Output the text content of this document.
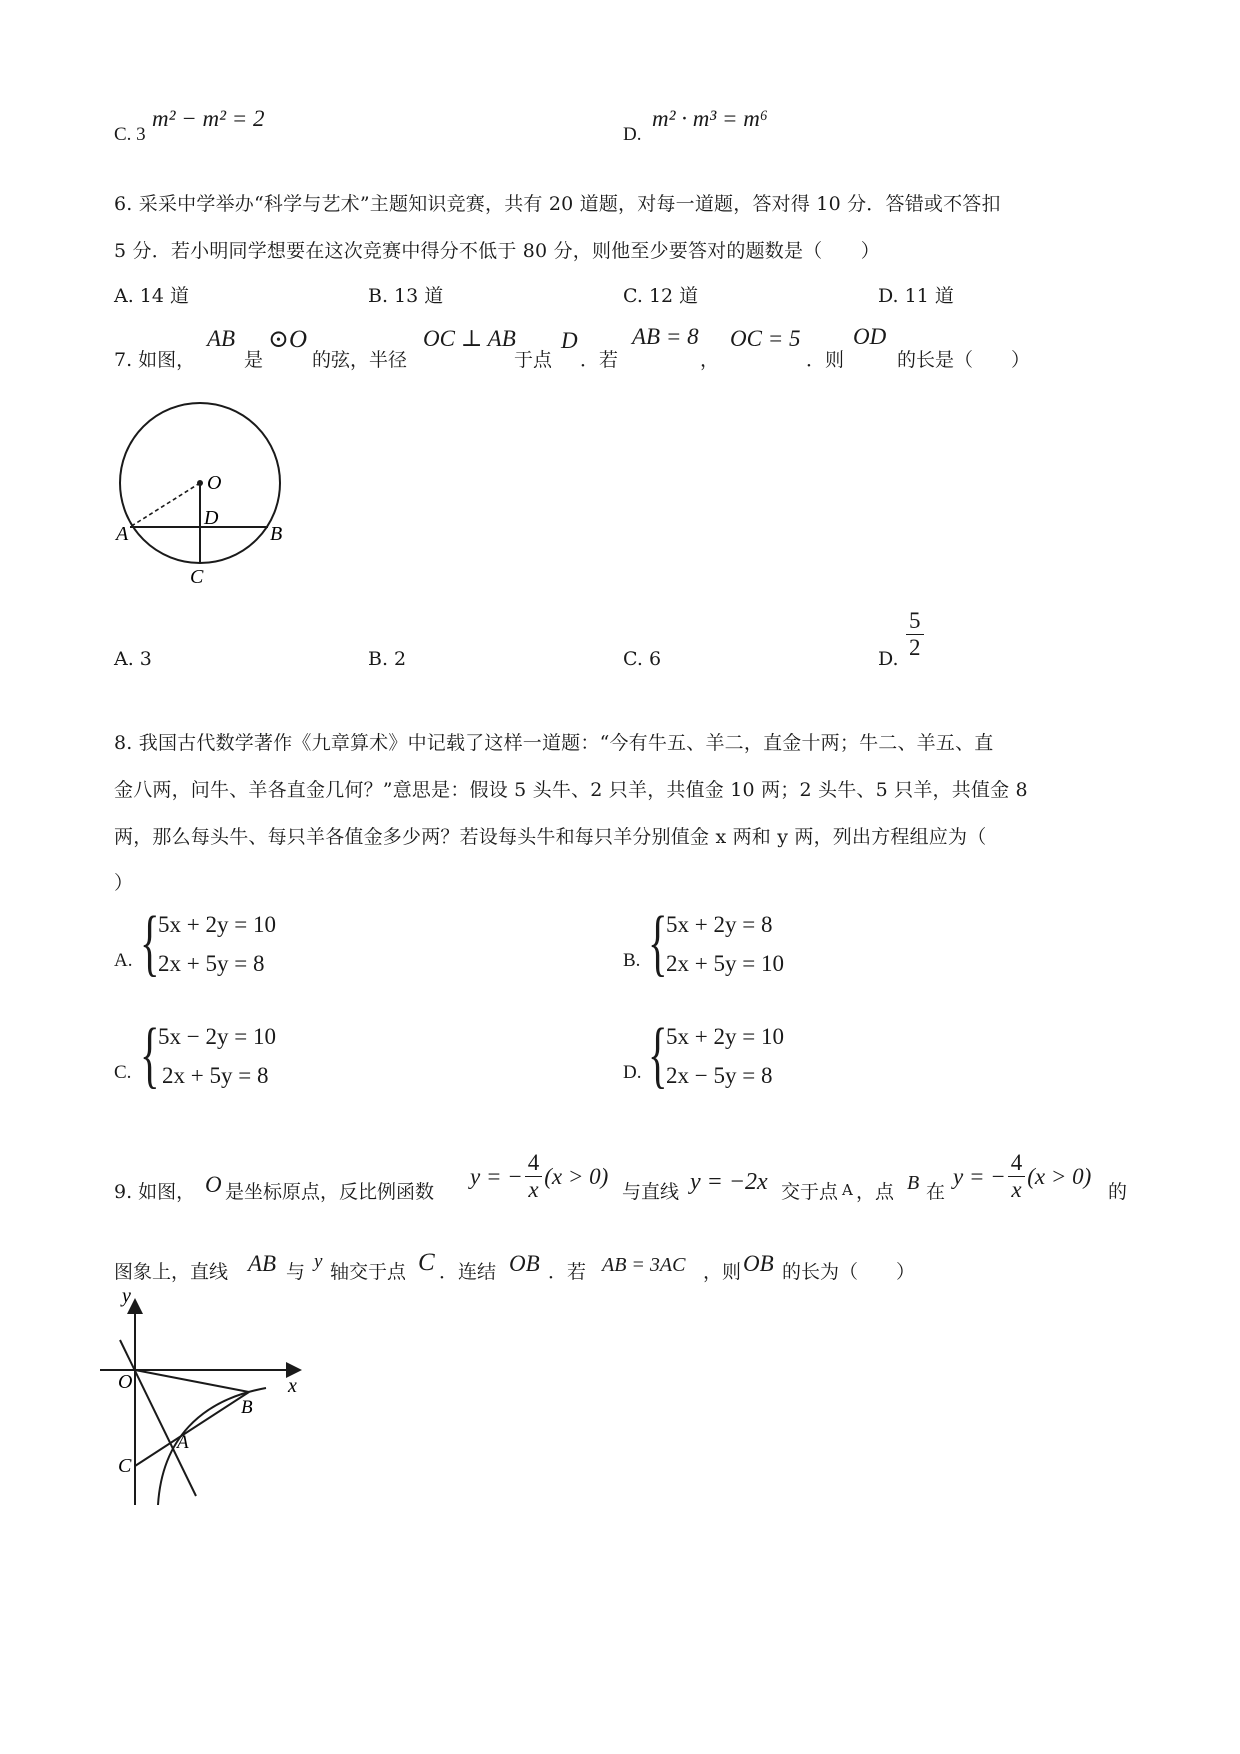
C. 3
m² − m² = 2
D.
m² · m³ = m⁶
6. 采采中学举办“科学与艺术”主题知识竞赛，共有 20 道题，对每一道题，答对得 10 分．答错或不答扣
5 分．若小明同学想要在这次竞赛中得分不低于 80 分，则他至少要答对的题数是（　　）
A. 14 道	B. 13 道	C. 12 道	D. 11 道
7. 如图，
AB
是
⊙O
的弦，半径
OC ⊥ AB
于点
D
．若
AB = 8
，
OC = 5
．则
OD
的长是（　　）
O
D
A	B
C
A. 3	B. 2	C. 6	D. $\frac{5}{2}$
8. 我国古代数学著作《九章算术》中记载了这样一道题：“今有牛五、羊二，直金十两；牛二、羊五、直
金八两，问牛、羊各直金几何？”意思是：假设 5 头牛、2 只羊，共值金 10 两；2 头牛、5 只羊，共值金 8
两，那么每头牛、每只羊各值金多少两？若设每头牛和每只羊分别值金 x 两和 y 两，列出方程组应为（
）
A. {
5x + 2y = 10
2x + 5y = 8	B. {
5x + 2y = 8
2x + 5y = 10
C. {
5x − 2y = 10
2x + 5y = 8	D. {
5x + 2y = 10
2x − 5y = 8
9. 如图， O 是坐标原点，反比例函数
y = − $\frac{4}{x} (x > 0)$
与直线 y = −2x 交于点 A ，点 B 在
y = − $\frac{4}{x} (x > 0)$
的
图象上，直线 AB 与 y 轴交于点 C ．连结 OB ．若 AB = 3AC ，则 OB 的长为（　　）
y
x
O
B
A
C
